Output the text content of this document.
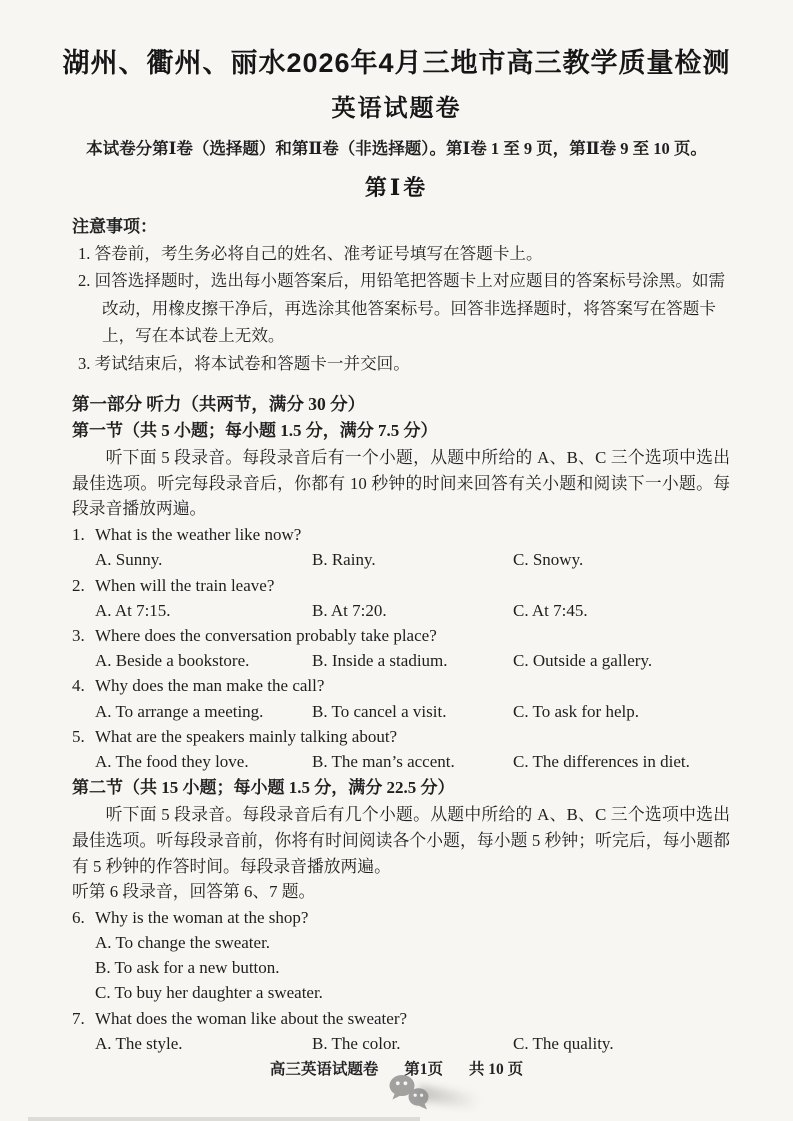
湖州、衢州、丽水2026年4月三地市高三教学质量检测
英语试题卷
本试卷分第Ⅰ卷（选择题）和第Ⅱ卷（非选择题）。第Ⅰ卷 1 至 9 页，第Ⅱ卷 9 至 10 页。
第Ⅰ卷
注意事项：
1. 答卷前，考生务必将自己的姓名、准考证号填写在答题卡上。
2. 回答选择题时，选出每小题答案后，用铅笔把答题卡上对应题目的答案标号涂黑。如需改动，用橡皮擦干净后，再选涂其他答案标号。回答非选择题时，将答案写在答题卡上，写在本试卷上无效。
3. 考试结束后，将本试卷和答题卡一并交回。
第一部分 听力（共两节，满分 30 分）
第一节（共 5 小题；每小题 1.5 分，满分 7.5 分）
听下面 5 段录音。每段录音后有一个小题，从题中所给的 A、B、C 三个选项中选出最佳选项。听完每段录音后，你都有 10 秒钟的时间来回答有关小题和阅读下一小题。每段录音播放两遍。
1. What is the weather like now?
A. Sunny.	B. Rainy.	C. Snowy.
2. When will the train leave?
A. At 7:15.	B. At 7:20.	C. At 7:45.
3. Where does the conversation probably take place?
A. Beside a bookstore.	B. Inside a stadium.	C. Outside a gallery.
4. Why does the man make the call?
A. To arrange a meeting.	B. To cancel a visit.	C. To ask for help.
5. What are the speakers mainly talking about?
A. The food they love.	B. The man’s accent.	C. The differences in diet.
第二节（共 15 小题；每小题 1.5 分，满分 22.5 分）
听下面 5 段录音。每段录音后有几个小题。从题中所给的 A、B、C 三个选项中选出最佳选项。听每段录音前，你将有时间阅读各个小题，每小题 5 秒钟；听完后，每小题都有 5 秒钟的作答时间。每段录音播放两遍。
听第 6 段录音，回答第 6、7 题。
6. Why is the woman at the shop?
A. To change the sweater.
B. To ask for a new button.
C. To buy her daughter a sweater.
7. What does the woman like about the sweater?
A. The style.	B. The color.	C. The quality.
高三英语试题卷 第1页 共 10 页
